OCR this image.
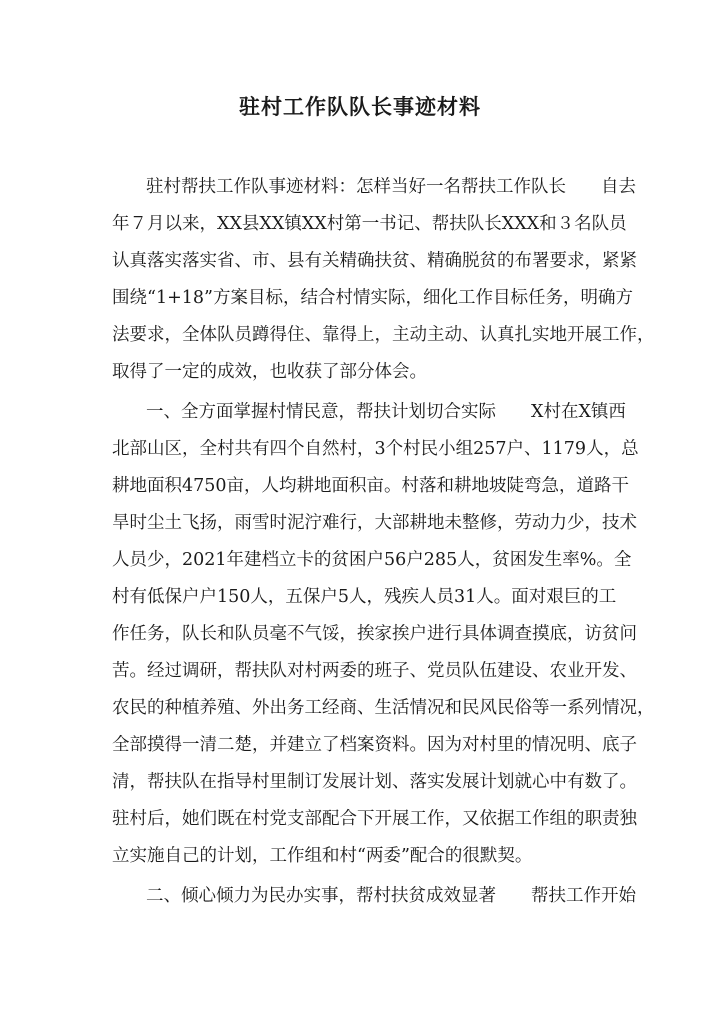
驻村工作队队长事迹材料
驻村帮扶工作队事迹材料：怎样当好一名帮扶工作队长　　自去
年７月以来，XX县XX镇XX村第一书记、帮扶队长XXX和３名队员
认真落实落实省、市、县有关精确扶贫、精确脱贫的布署要求，紧紧
围绕“1+18”方案目标，结合村情实际，细化工作目标任务，明确方
法要求，全体队员蹲得住、靠得上，主动主动、认真扎实地开展工作，
取得了一定的成效，也收获了部分体会。
一、全方面掌握村情民意，帮扶计划切合实际　　X村在X镇西
北部山区，全村共有四个自然村，3个村民小组257户、1179人，总
耕地面积4750亩，人均耕地面积亩。村落和耕地坡陡弯急，道路干
旱时尘土飞扬，雨雪时泥泞难行，大部耕地未整修，劳动力少，技术
人员少，2021年建档立卡的贫困户56户285人，贫困发生率%。全
村有低保户户150人，五保户5人，残疾人员31人。面对艰巨的工
作任务，队长和队员毫不气馁，挨家挨户进行具体调查摸底，访贫问
苦。经过调研，帮扶队对村两委的班子、党员队伍建设、农业开发、
农民的种植养殖、外出务工经商、生活情况和民风民俗等一系列情况，
全部摸得一清二楚，并建立了档案资料。因为对村里的情况明、底子
清，帮扶队在指导村里制订发展计划、落实发展计划就心中有数了。
驻村后，她们既在村党支部配合下开展工作，又依据工作组的职责独
立实施自己的计划，工作组和村“两委”配合的很默契。
二、倾心倾力为民办实事，帮村扶贫成效显著　　帮扶工作开始
